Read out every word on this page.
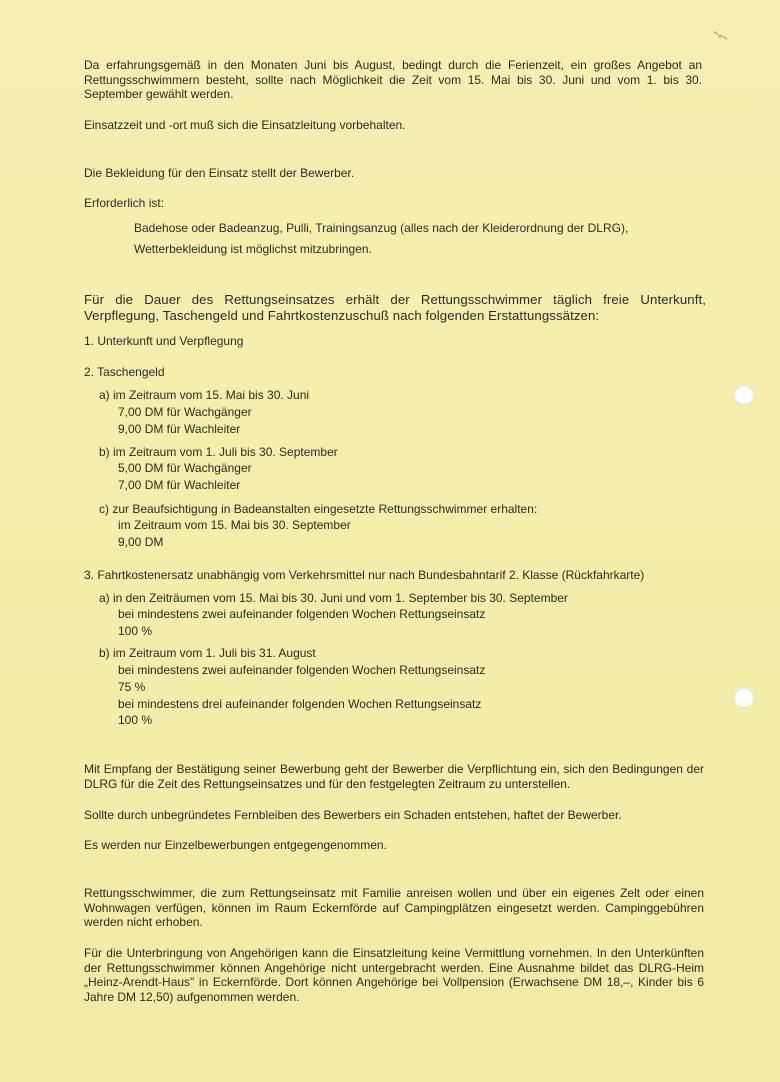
~⸗~
Da erfahrungsgemäß in den Monaten Juni bis August, bedingt durch die Ferienzeit, ein großes Angebot an Rettungsschwimmern besteht, sollte nach Möglichkeit die Zeit vom 15. Mai bis 30. Juni und vom 1. bis 30. September gewählt werden.
Einsatzzeit und -ort muß sich die Einsatzleitung vorbehalten.
Die Bekleidung für den Einsatz stellt der Bewerber.
Erforderlich ist:
Badehose oder Badeanzug, Pulli, Trainingsanzug (alles nach der Kleiderordnung der DLRG),
Wetterbekleidung ist möglichst mitzubringen.
Für die Dauer des Rettungseinsatzes erhält der Rettungsschwimmer täglich freie Unterkunft, Verpflegung, Taschengeld und Fahrtkostenzuschuß nach folgenden Erstattungssätzen:
1. Unterkunft und Verpflegung
2. Taschengeld
a) im Zeitraum vom 15. Mai bis 30. Juni
7,00 DM für Wachgänger
9,00 DM für Wachleiter
b) im Zeitraum vom 1. Juli bis 30. September
5,00 DM für Wachgänger
7,00 DM für Wachleiter
c) zur Beaufsichtigung in Badeanstalten eingesetzte Rettungsschwimmer erhalten:
im Zeitraum vom 15. Mai bis 30. September
9,00 DM
3. Fahrtkostenersatz unabhängig vom Verkehrsmittel nur nach Bundesbahntarif 2. Klasse (Rückfahrkarte)
a) in den Zeiträumen vom 15. Mai bis 30. Juni und vom 1. September bis 30. September
bei mindestens zwei aufeinander folgenden Wochen Rettungseinsatz
100 %
b) im Zeitraum vom 1. Juli bis 31. August
bei mindestens zwei aufeinander folgenden Wochen Rettungseinsatz
75 %
bei mindestens drei aufeinander folgenden Wochen Rettungseinsatz
100 %
Mit Empfang der Bestätigung seiner Bewerbung geht der Bewerber die Verpflichtung ein, sich den Bedingungen der DLRG für die Zeit des Rettungseinsatzes und für den festgelegten Zeitraum zu unterstellen.
Sollte durch unbegründetes Fernbleiben des Bewerbers ein Schaden entstehen, haftet der Bewerber.
Es werden nur Einzelbewerbungen entgegengenommen.
Rettungsschwimmer, die zum Rettungseinsatz mit Familie anreisen wollen und über ein eigenes Zelt oder einen Wohnwagen verfügen, können im Raum Eckernförde auf Campingplätzen eingesetzt werden. Campinggebühren werden nicht erhoben.
Für die Unterbringung von Angehörigen kann die Einsatzleitung keine Vermittlung vornehmen. In den Unterkünften der Rettungsschwimmer können Angehörige nicht untergebracht werden. Eine Ausnahme bildet das DLRG-Heim „Heinz-Arendt-Haus" in Eckernförde. Dort können Angehörige bei Vollpension (Erwachsene DM 18,–, Kinder bis 6 Jahre DM 12,50) aufgenommen werden.
